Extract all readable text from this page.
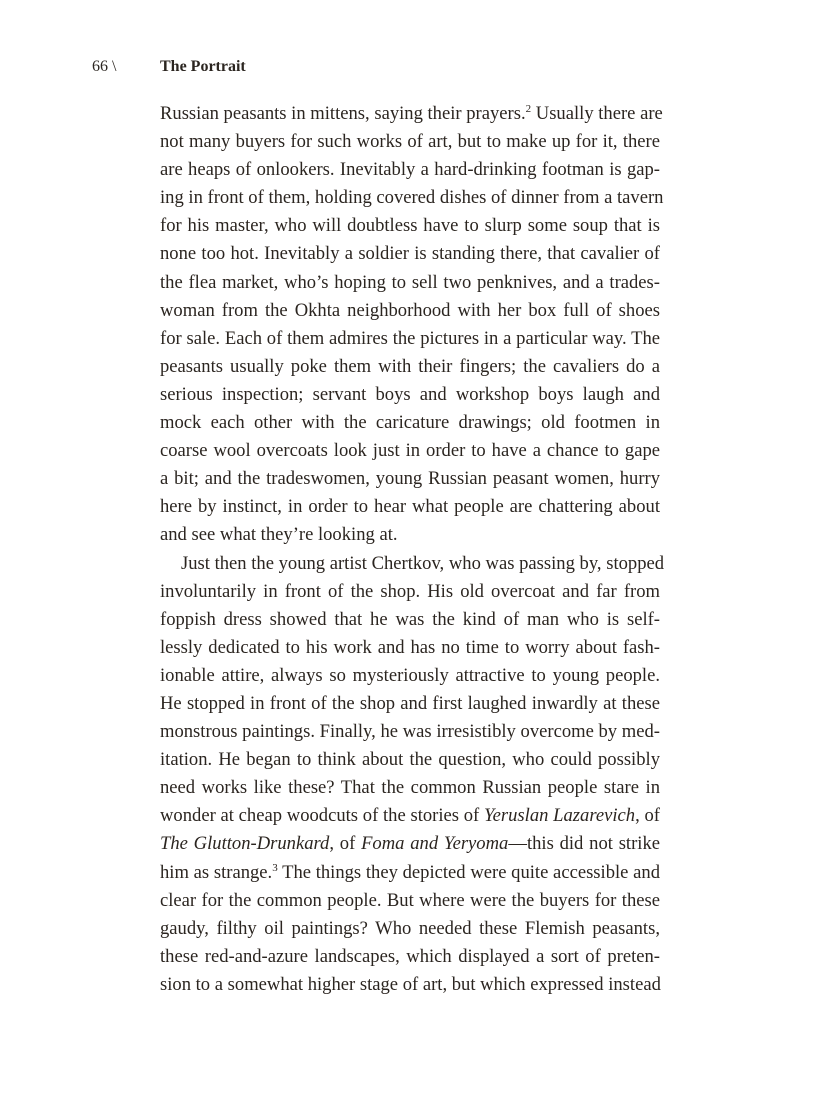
66 \	The Portrait

Russian peasants in mittens, saying their prayers.$^2$ Usually there are
not many buyers for such works of art, but to make up for it, there
are heaps of onlookers. Inevitably a hard-drinking footman is gap-
ing in front of them, holding covered dishes of dinner from a tavern
for his master, who will doubtless have to slurp some soup that is
none too hot. Inevitably a soldier is standing there, that cavalier of
the flea market, who’s hoping to sell two penknives, and a trades-
woman from the Okhta neighborhood with her box full of shoes
for sale. Each of them admires the pictures in a particular way. The
peasants usually poke them with their fingers; the cavaliers do a
serious inspection; servant boys and workshop boys laugh and
mock each other with the caricature drawings; old footmen in
coarse wool overcoats look just in order to have a chance to gape
a bit; and the tradeswomen, young Russian peasant women, hurry
here by instinct, in order to hear what people are chattering about
and see what they’re looking at.

Just then the young artist Chertkov, who was passing by, stopped
involuntarily in front of the shop. His old overcoat and far from
foppish dress showed that he was the kind of man who is self-
lessly dedicated to his work and has no time to worry about fash-
ionable attire, always so mysteriously attractive to young people.
He stopped in front of the shop and first laughed inwardly at these
monstrous paintings. Finally, he was irresistibly overcome by med-
itation. He began to think about the question, who could possibly
need works like these? That the common Russian people stare in
wonder at cheap woodcuts of the stories of Yeruslan Lazarevich, of
The Glutton-Drunkard, of Foma and Yeryoma—this did not strike
him as strange.$^3$ The things they depicted were quite accessible and
clear for the common people. But where were the buyers for these
gaudy, filthy oil paintings? Who needed these Flemish peasants,
these red-and-azure landscapes, which displayed a sort of preten-
sion to a somewhat higher stage of art, but which expressed instead
